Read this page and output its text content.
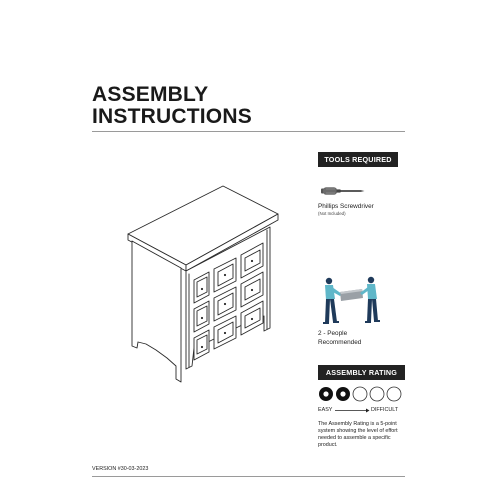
ASSEMBLY
INSTRUCTIONS
TOOLS REQUIRED
Phillips Screwdriver
(Not Included)
2 - People
Recommended
ASSEMBLY RATING
EASY	DIFFICULT
The Assembly Rating is a 5-point system showing the level of effort needed to assemble a specific product.
VERSION #30-03-2023
